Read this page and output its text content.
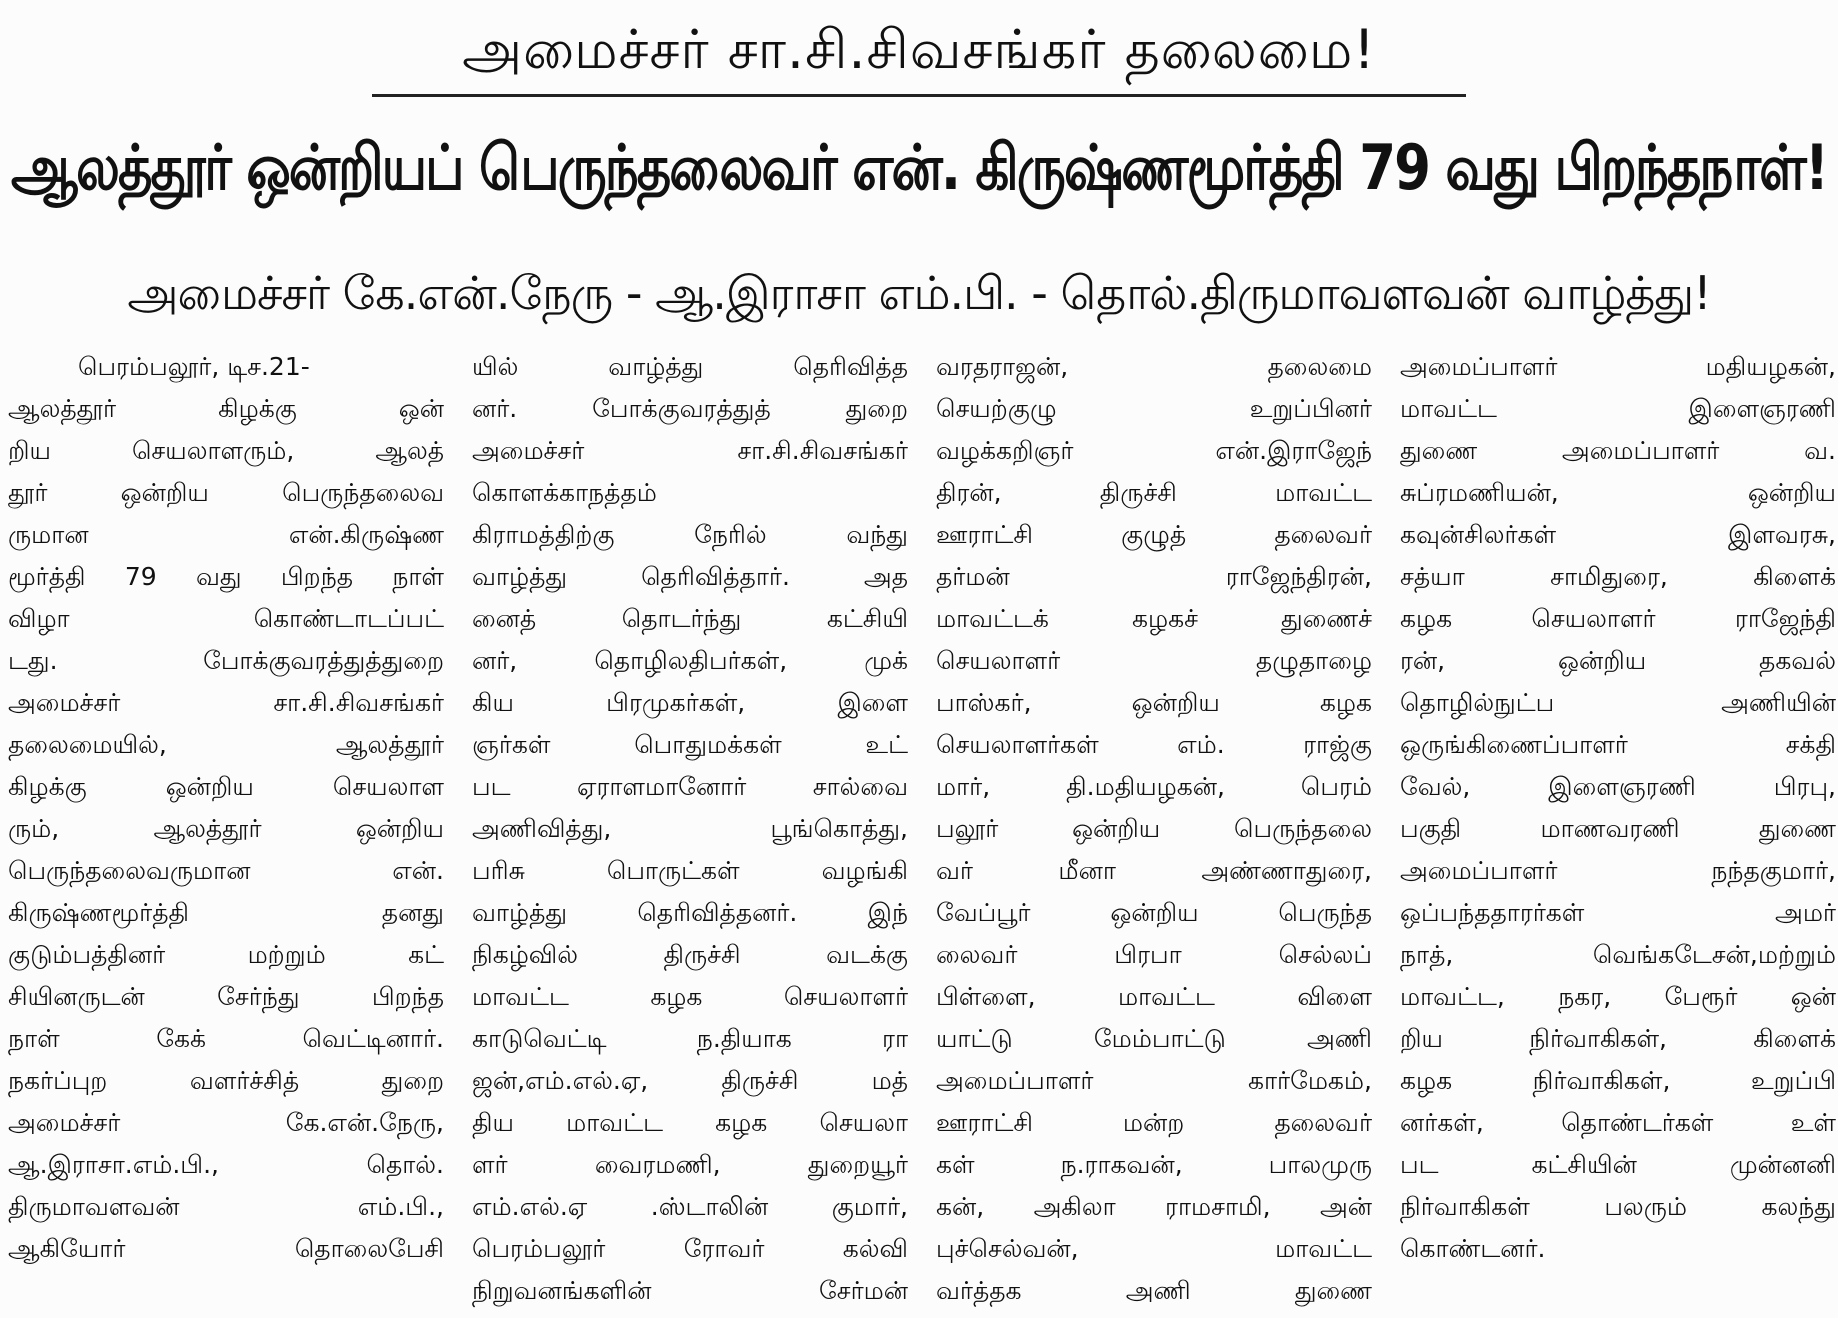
அமைச்சர் சா.சி.சிவசங்கர் தலைமை!
ஆலத்தூர் ஒன்றியப் பெருந்தலைவர் என். கிருஷ்ணமூர்த்தி 79 வது பிறந்தநாள்!
அமைச்சர் கே.என்.நேரு - ஆ.இராசா எம்.பி. - தொல்.திருமாவளவன் வாழ்த்து!
பெரம்பலூர், டிச.21-
ஆலத்தூர் கிழக்கு ஒன்
றிய செயலாளரும், ஆலத்
தூர் ஒன்றிய பெருந்தலைவ
ருமான என்.கிருஷ்ண
மூர்த்தி 79 வது பிறந்த நாள்
விழா கொண்டாடப்பட்
டது. போக்குவரத்துத்துறை
அமைச்சர் சா.சி.சிவசங்கர்
தலைமையில், ஆலத்தூர்
கிழக்கு ஒன்றிய செயலாள
ரும், ஆலத்தூர் ஒன்றிய
பெருந்தலைவருமான என்.
கிருஷ்ணமூர்த்தி தனது
குடும்பத்தினர் மற்றும் கட்
சியினருடன் சேர்ந்து பிறந்த
நாள் கேக் வெட்டினார்.
நகர்ப்புற வளர்ச்சித் துறை
அமைச்சர் கே.என்.நேரு,
ஆ.இராசா.எம்.பி., தொல்.
திருமாவளவன் எம்.பி.,
ஆகியோர் தொலைபேசி
யில் வாழ்த்து தெரிவித்த
னர். போக்குவரத்துத் துறை
அமைச்சர் சா.சி.சிவசங்கர்
கொளக்காநத்தம்
கிராமத்திற்கு நேரில் வந்து
வாழ்த்து தெரிவித்தார். அத
னைத் தொடர்ந்து கட்சியி
னர், தொழிலதிபர்கள், முக்
கிய பிரமுகர்கள், இளை
ஞர்கள் பொதுமக்கள் உட்
பட ஏராளமானோர் சால்வை
அணிவித்து, பூங்கொத்து,
பரிசு பொருட்கள் வழங்கி
வாழ்த்து தெரிவித்தனர். இந்
நிகழ்வில் திருச்சி வடக்கு
மாவட்ட கழக செயலாளர்
காடுவெட்டி ந.தியாக ரா
ஜன்,எம்.எல்.ஏ, திருச்சி மத்
திய மாவட்ட கழக செயலா
ளர் வைரமணி, துறையூர்
எம்.எல்.ஏ .ஸ்டாலின் குமார்,
பெரம்பலூர் ரோவர் கல்வி
நிறுவனங்களின் சேர்மன்
வரதராஜன், தலைமை
செயற்குழு உறுப்பினர்
வழக்கறிஞர் என்.இராஜேந்
திரன், திருச்சி மாவட்ட
ஊராட்சி குழுத் தலைவர்
தர்மன் ராஜேந்திரன்,
மாவட்டக் கழகச் துணைச்
செயலாளர் தழுதாழை
பாஸ்கர், ஒன்றிய கழக
செயலாளர்கள் எம். ராஜ்கு
மார், தி.மதியழகன், பெரம்
பலூர் ஒன்றிய பெருந்தலை
வர் மீனா அண்ணாதுரை,
வேப்பூர் ஒன்றிய பெருந்த
லைவர் பிரபா செல்லப்
பிள்ளை, மாவட்ட விளை
யாட்டு மேம்பாட்டு அணி
அமைப்பாளர் கார்மேகம்,
ஊராட்சி மன்ற தலைவர்
கள் ந.ராகவன், பாலமுரு
கன், அகிலா ராமசாமி, அன்
புச்செல்வன், மாவட்ட
வர்த்தக அணி துணை
அமைப்பாளர் மதியழகன்,
மாவட்ட இளைஞரணி
துணை அமைப்பாளர் வ.
சுப்ரமணியன், ஒன்றிய
கவுன்சிலர்கள் இளவரசு,
சத்யா சாமிதுரை, கிளைக்
கழக செயலாளர் ராஜேந்தி
ரன், ஒன்றிய தகவல்
தொழில்நுட்ப அணியின்
ஒருங்கிணைப்பாளர் சக்தி
வேல், இளைஞரணி பிரபு,
பகுதி மாணவரணி துணை
அமைப்பாளர் நந்தகுமார்,
ஒப்பந்ததாரர்கள் அமர்
நாத், வெங்கடேசன்,மற்றும்
மாவட்ட, நகர, பேரூர் ஒன்
றிய நிர்வாகிகள், கிளைக்
கழக நிர்வாகிகள், உறுப்பி
னர்கள், தொண்டர்கள் உள்
பட கட்சியின் முன்னனி
நிர்வாகிகள் பலரும் கலந்து
கொண்டனர்.
